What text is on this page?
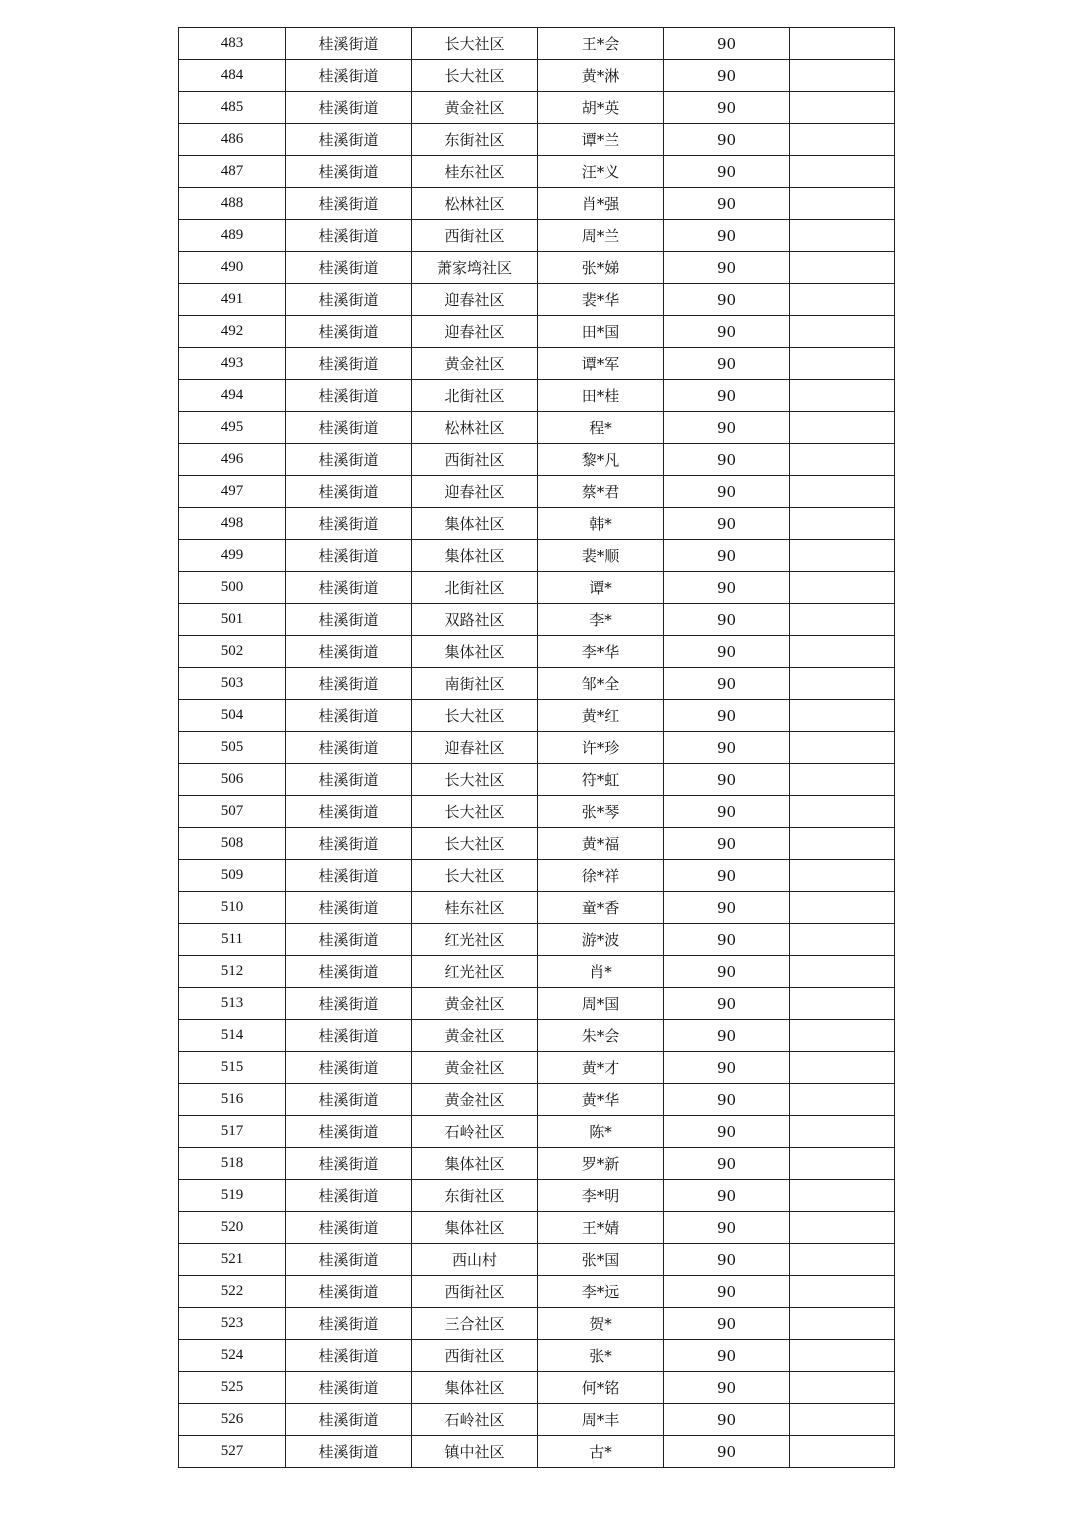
483	桂溪街道	长大社区	王*会	90	
484	桂溪街道	长大社区	黄*淋	90	
485	桂溪街道	黄金社区	胡*英	90	
486	桂溪街道	东街社区	谭*兰	90	
487	桂溪街道	桂东社区	汪*义	90	
488	桂溪街道	松林社区	肖*强	90	
489	桂溪街道	西街社区	周*兰	90	
490	桂溪街道	萧家塆社区	张*娣	90	
491	桂溪街道	迎春社区	裴*华	90	
492	桂溪街道	迎春社区	田*国	90	
493	桂溪街道	黄金社区	谭*军	90	
494	桂溪街道	北街社区	田*桂	90	
495	桂溪街道	松林社区	程*	90	
496	桂溪街道	西街社区	黎*凡	90	
497	桂溪街道	迎春社区	蔡*君	90	
498	桂溪街道	集体社区	韩*	90	
499	桂溪街道	集体社区	裴*顺	90	
500	桂溪街道	北街社区	谭*	90	
501	桂溪街道	双路社区	李*	90	
502	桂溪街道	集体社区	李*华	90	
503	桂溪街道	南街社区	邹*全	90	
504	桂溪街道	长大社区	黄*红	90	
505	桂溪街道	迎春社区	许*珍	90	
506	桂溪街道	长大社区	符*虹	90	
507	桂溪街道	长大社区	张*琴	90	
508	桂溪街道	长大社区	黄*福	90	
509	桂溪街道	长大社区	徐*祥	90	
510	桂溪街道	桂东社区	童*香	90	
511	桂溪街道	红光社区	游*波	90	
512	桂溪街道	红光社区	肖*	90	
513	桂溪街道	黄金社区	周*国	90	
514	桂溪街道	黄金社区	朱*会	90	
515	桂溪街道	黄金社区	黄*才	90	
516	桂溪街道	黄金社区	黄*华	90	
517	桂溪街道	石岭社区	陈*	90	
518	桂溪街道	集体社区	罗*新	90	
519	桂溪街道	东街社区	李*明	90	
520	桂溪街道	集体社区	王*婧	90	
521	桂溪街道	西山村	张*国	90	
522	桂溪街道	西街社区	李*远	90	
523	桂溪街道	三合社区	贺*	90	
524	桂溪街道	西街社区	张*	90	
525	桂溪街道	集体社区	何*铭	90	
526	桂溪街道	石岭社区	周*丰	90	
527	桂溪街道	镇中社区	古*	90	
